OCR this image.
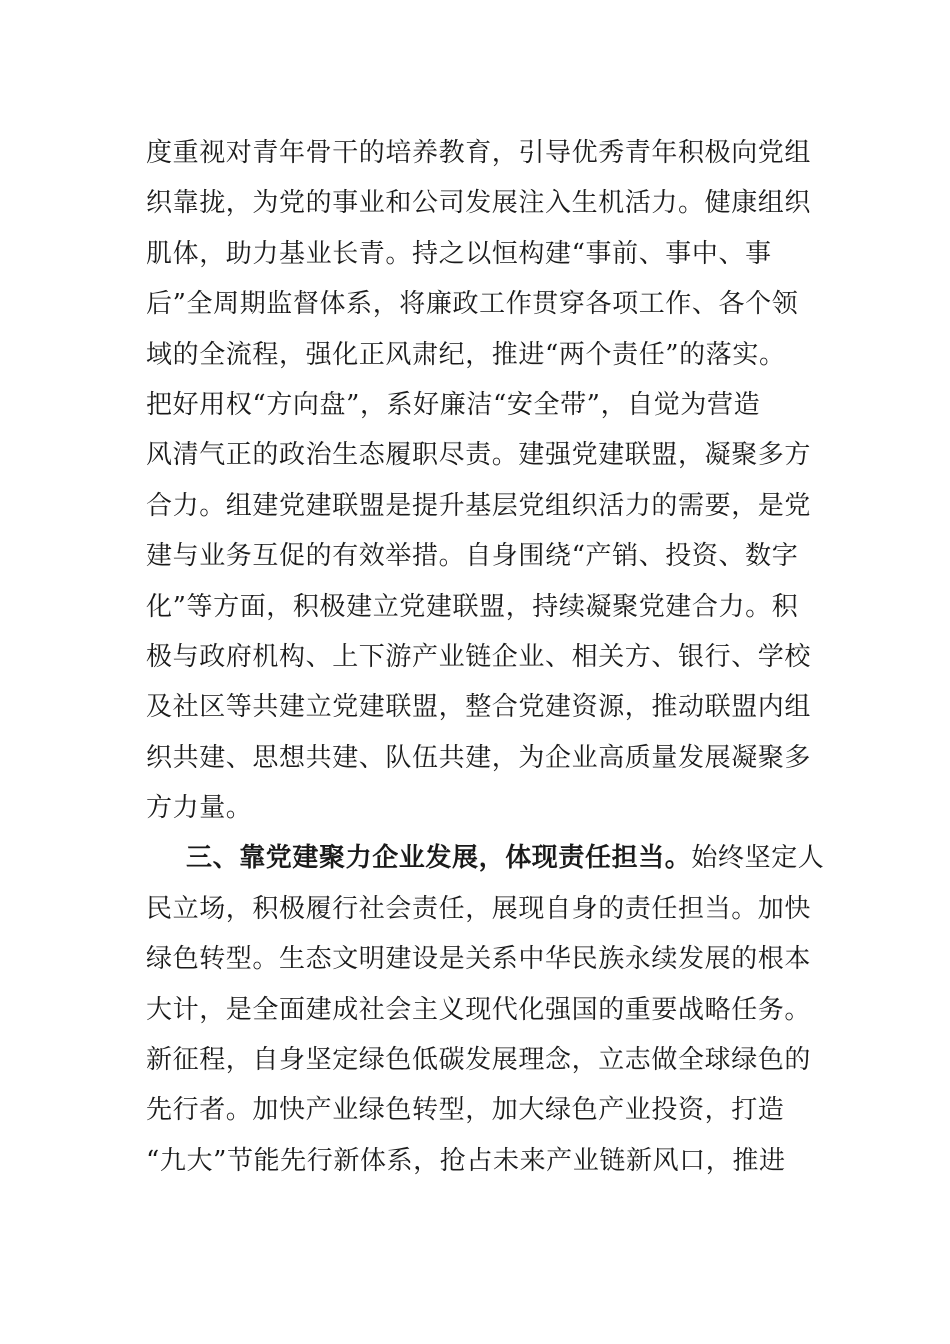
度重视对青年骨干的培养教育，引导优秀青年积极向党组
织靠拢，为党的事业和公司发展注入生机活力。健康组织
肌体，助力基业长青。持之以恒构建“事前、事中、事
后”全周期监督体系，将廉政工作贯穿各项工作、各个领
域的全流程，强化正风肃纪，推进“两个责任”的落实。
把好用权“方向盘”，系好廉洁“安全带”，自觉为营造
风清气正的政治生态履职尽责。建强党建联盟，凝聚多方
合力。组建党建联盟是提升基层党组织活力的需要，是党
建与业务互促的有效举措。自身围绕“产销、投资、数字
化”等方面，积极建立党建联盟，持续凝聚党建合力。积
极与政府机构、上下游产业链企业、相关方、银行、学校
及社区等共建立党建联盟，整合党建资源，推动联盟内组
织共建、思想共建、队伍共建，为企业高质量发展凝聚多
方力量。
三、靠党建聚力企业发展，体现责任担当。始终坚定人
民立场，积极履行社会责任，展现自身的责任担当。加快
绿色转型。生态文明建设是关系中华民族永续发展的根本
大计，是全面建成社会主义现代化强国的重要战略任务。
新征程，自身坚定绿色低碳发展理念，立志做全球绿色的
先行者。加快产业绿色转型，加大绿色产业投资，打造
“九大”节能先行新体系，抢占未来产业链新风口，推进
